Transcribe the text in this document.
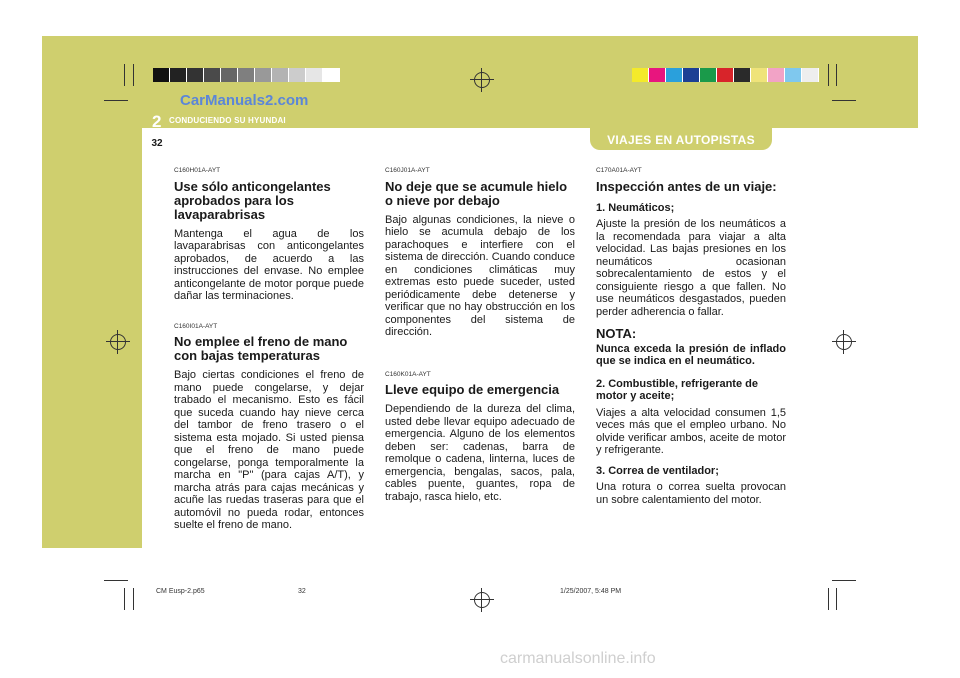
CarManuals2.com
2 CONDUCIENDO SU HYUNDAI
32	VIAJES EN AUTOPISTAS
C160H01A-AYT
Use sólo anticongelantes aprobados para los lavaparabrisas
Mantenga el agua de los lavaparabrisas con anticongelantes aprobados, de acuerdo a las instrucciones del envase. No emplee anticongelante de motor porque puede dañar las terminaciones.
C160I01A-AYT
No emplee el freno de mano con bajas temperaturas
Bajo ciertas condiciones el freno de mano puede congelarse, y dejar trabado el mecanismo. Esto es fácil que suceda cuando hay nieve cerca del tambor de freno trasero o el sistema esta mojado. Si usted piensa que el freno de mano puede congelarse, ponga temporalmente la marcha en "P" (para cajas A/T), y marcha atrás para cajas mecánicas y acuñe las ruedas traseras para que el automóvil no pueda rodar, entonces suelte el freno de mano.
C160J01A-AYT
No deje que se acumule hielo o nieve por debajo
Bajo algunas condiciones, la nieve o hielo se acumula debajo de los parachoques e interfiere con el sistema de dirección. Cuando conduce en condiciones climáticas muy extremas esto puede suceder, usted periódicamente debe detenerse y verificar que no hay obstrucción en los componentes del sistema de dirección.
C160K01A-AYT
Lleve equipo de emergencia
Dependiendo de la dureza del clima, usted debe llevar equipo adecuado de emergencia. Alguno de los elementos deben ser: cadenas, barra de remolque o cadena, linterna, luces de emergencia, bengalas, sacos, pala, cables puente, guantes, ropa de trabajo, rasca hielo, etc.
C170A01A-AYT
Inspección antes de un viaje:
1. Neumáticos;
Ajuste la presión de los neumáticos a la recomendada para viajar a alta velocidad. Las bajas presiones en los neumáticos ocasionan sobrecalentamiento de estos y el consiguiente riesgo a que fallen. No use neumáticos desgastados, pueden perder adherencia o fallar.
NOTA:
Nunca exceda la presión de inflado que se indica en el neumático.
2. Combustible, refrigerante de motor y aceite;
Viajes a alta velocidad consumen 1,5 veces más que el empleo urbano. No olvide verificar ambos, aceite de motor y refrigerante.
3. Correa de ventilador;
Una rotura o correa suelta provocan un sobre calentamiento del motor.
CM Eusp-2.p65	32	1/25/2007, 5:48 PM
carmanualsonline.info
